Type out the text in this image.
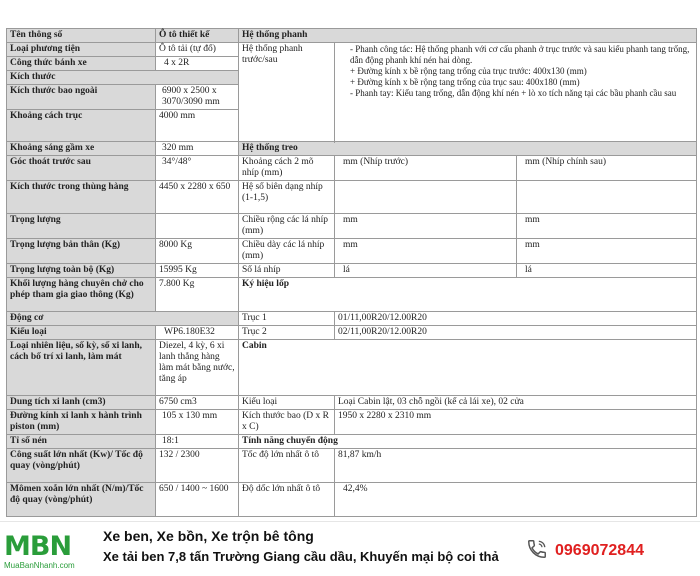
Tên thông số	Ô tô thiết kế	Hệ thống phanh		
Loại phương tiện	Ô tô tải (tự đổ)	Hệ thống phanh trước/sau	- Phanh công tác: Hệ thống phanh với cơ cấu phanh ở trục trước và sau kiểu phanh tang trống, dẫn động phanh khí nén hai dòng.
+ Đường kính x bề rộng tang trống của trục trước: 400x130 (mm)
+ Đường kính x bề rộng tang trống của trục sau: 400x180 (mm)
- Phanh tay: Kiểu tang trống, dẫn động khí nén + lò xo tích năng tại các bầu phanh cầu sau	

Công thức bánh xe	4 x 2R			
Kích thước				
Kích thước bao ngoài	6900 x 2500 x 3070/3090 mm			
Khoảng cách trục	4000 mm			

Khoảng sáng gầm xe	320 mm	Hệ thống treo		
Góc thoát trước sau	34°/48°	Khoảng cách 2 mõ nhíp (mm)	mm (Nhíp trước)	mm (Nhíp chính sau)
Kích thước trong thùng hàng	4450 x 2280 x 650	Hệ số biên dạng nhíp (1-1,5)		
Trọng lượng		Chiều rộng các lá nhíp (mm)	mm	mm
Trọng lượng bản thân (Kg)	8000 Kg	Chiều dày các lá nhíp (mm)	mm	mm
Trọng lượng toàn bộ (Kg)	15995 Kg	Số lá nhíp	lá	lá
Khối lượng hàng chuyên chở cho phép tham gia giao thông (Kg)	7.800 Kg	Ký hiệu lốp		
Động cơ		Trục 1	01/11,00R20/12.00R20	
Kiểu loại	WP6.180E32	Trục 2	02/11,00R20/12.00R20	
Loại nhiên liệu, số kỳ, số xi lanh, cách bố trí xi lanh, làm mát	Diezel, 4 kỳ, 6 xi lanh thẳng hàng làm mát bằng nước, tăng áp	Cabin		
Dung tích xi lanh (cm3)	6750 cm3	Kiểu loại	Loại Cabin lật, 03 chỗ ngồi (kể cả lái xe), 02 cửa	
Đường kính xi lanh x hành trình piston (mm)	105 x 130 mm	Kích thước bao (D x R x C)	1950 x 2280 x 2310 mm	
Tỉ số nén	18:1	Tính năng chuyển động		
Công suất lớn nhất (Kw)/ Tốc độ quay (vòng/phút)	132 / 2300	Tốc độ lớn nhất ô tô	81,87 km/h	
Mômen xoắn lớn nhất (N/m)/Tốc độ quay (vòng/phút)	650 / 1400 ~ 1600	Độ dốc lớn nhất ô tô	42,4%	
MBN
MuaBanNhanh.com
Xe ben, Xe bồn, Xe trộn bê tông
Xe tải ben 7,8 tấn Trường Giang cầu dầu, Khuyến mại bộ coi thả	0969072844
